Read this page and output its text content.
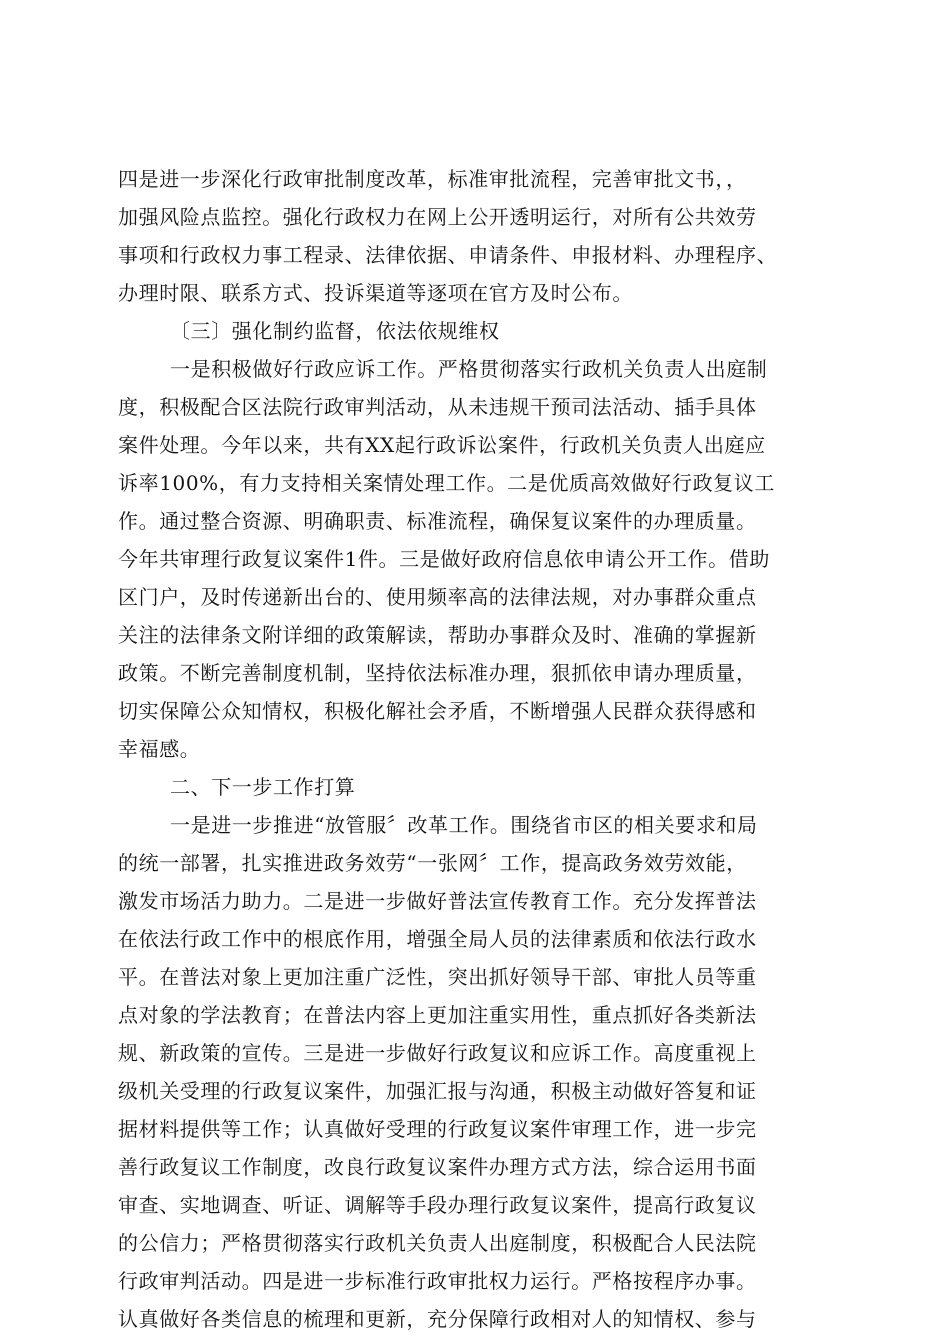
四是进一步深化行政审批制度改革，标准审批流程，完善审批文书，，
加强风险点监控。强化行政权力在网上公开透明运行，对所有公共效劳
事项和行政权力事工程录、法律依据、申请条件、申报材料、办理程序、
办理时限、联系方式、投诉渠道等逐项在官方及时公布。
〔三〕强化制约监督，依法依规维权
一是积极做好行政应诉工作。严格贯彻落实行政机关负责人出庭制
度，积极配合区法院行政审判活动，从未违规干预司法活动、插手具体
案件处理。今年以来，共有XX起行政诉讼案件，行政机关负责人出庭应
诉率100%，有力支持相关案情处理工作。二是优质高效做好行政复议工
作。通过整合资源、明确职责、标准流程，确保复议案件的办理质量。
今年共审理行政复议案件1件。三是做好政府信息依申请公开工作。借助
区门户，及时传递新出台的、使用频率高的法律法规，对办事群众重点
关注的法律条文附详细的政策解读，帮助办事群众及时、准确的掌握新
政策。不断完善制度机制，坚持依法标准办理，狠抓依申请办理质量，
切实保障公众知情权，积极化解社会矛盾，不断增强人民群众获得感和
幸福感。
二、下一步工作打算
一是进一步推进“放管服〞改革工作。围绕省市区的相关要求和局
的统一部署，扎实推进政务效劳“一张网〞工作，提高政务效劳效能，
激发市场活力助力。二是进一步做好普法宣传教育工作。充分发挥普法
在依法行政工作中的根底作用，增强全局人员的法律素质和依法行政水
平。在普法对象上更加注重广泛性，突出抓好领导干部、审批人员等重
点对象的学法教育；在普法内容上更加注重实用性，重点抓好各类新法
规、新政策的宣传。三是进一步做好行政复议和应诉工作。高度重视上
级机关受理的行政复议案件，加强汇报与沟通，积极主动做好答复和证
据材料提供等工作；认真做好受理的行政复议案件审理工作，进一步完
善行政复议工作制度，改良行政复议案件办理方式方法，综合运用书面
审查、实地调查、听证、调解等手段办理行政复议案件，提高行政复议
的公信力；严格贯彻落实行政机关负责人出庭制度，积极配合人民法院
行政审判活动。四是进一步标准行政审批权力运行。严格按程序办事。
认真做好各类信息的梳理和更新，充分保障行政相对人的知情权、参与
